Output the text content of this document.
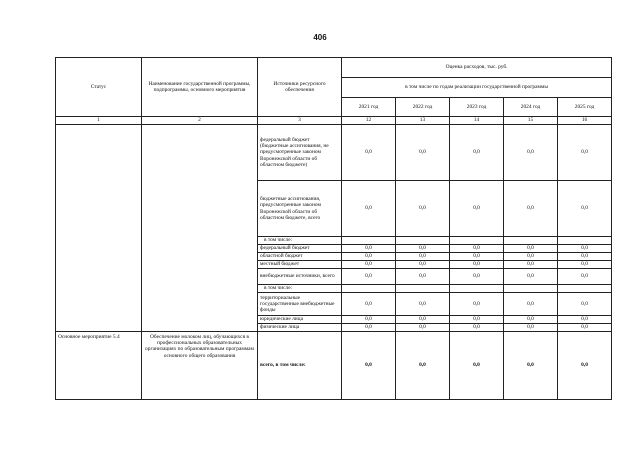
406
Статус	Наименование государственной программы, подпрограммы, основного мероприятия	Источники ресурсного обеспечения	Оценка расходов, тыс. руб.				
			в том числе по годам реализации государственной программы				
			2021 год	2022 год	2023 год	2024 год	2025 год
1	2	3	12	13	14	15	16
		федеральный бюджет (бюджетные ассигнования, не предусмотренные законом Воронежской области об областном бюджете)	0,0	0,0	0,0	0,0	0,0
		бюджетные ассигнования, предусмотренные законом Воронежской области об областном бюджете, всего	0,0	0,0	0,0	0,0	0,0
		в том числе:					
		федеральный бюджет	0,0	0,0	0,0	0,0	0,0
		областной бюджет	0,0	0,0	0,0	0,0	0,0
		местный бюджет	0,0	0,0	0,0	0,0	0,0
		внебюджетные источники, всего	0,0	0,0	0,0	0,0	0,0
		в том числе:					
		территориальные государственные внебюджетные фонды	0,0	0,0	0,0	0,0	0,0
		юридические лица	0,0	0,0	0,0	0,0	0,0
		физические лица	0,0	0,0	0,0	0,0	0,0
Основное мероприятие 5.4	Обеспечение молоком лиц, обучающихся в профессиональных образовательных организациях по образовательным программам основного общего образования	всего, в том числе:	0,0	0,0	0,0	0,0	0,0
